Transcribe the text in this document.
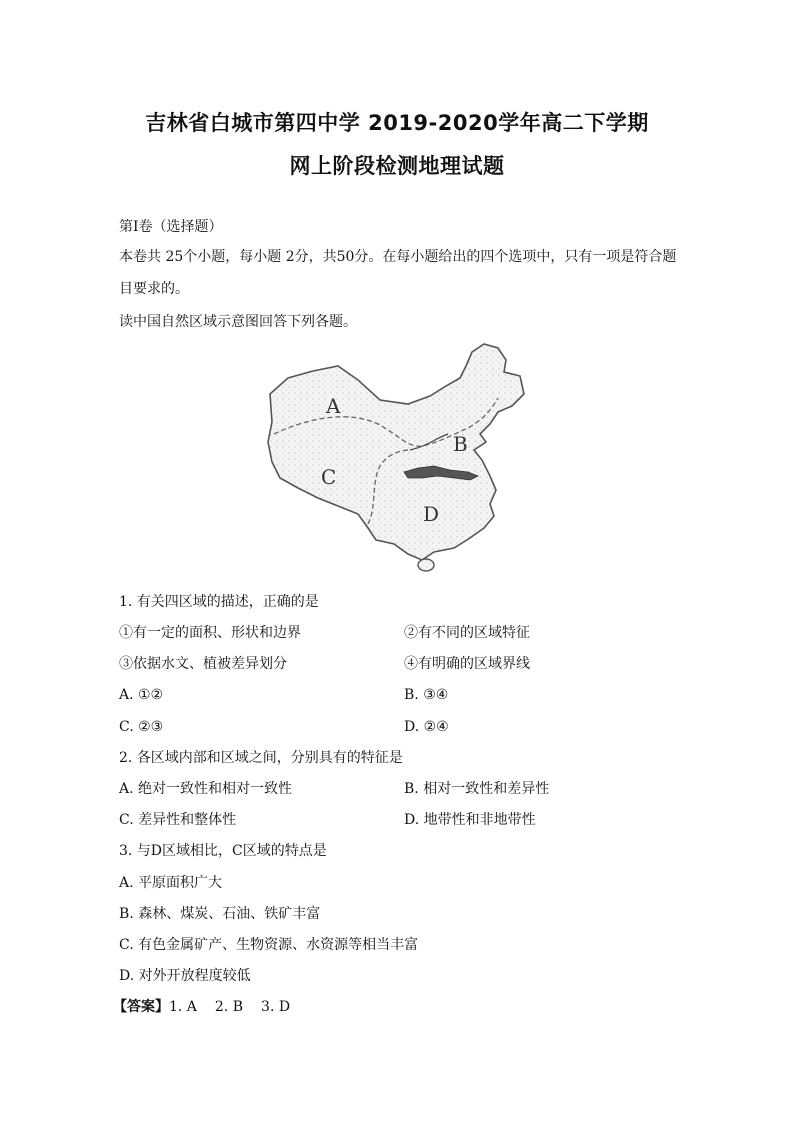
吉林省白城市第四中学 2019-2020学年高二下学期
网上阶段检测地理试题
第Ⅰ卷（选择题）
本卷共 25个小题，每小题 2分，共50分。在每小题给出的四个选项中，只有一项是符合题
目要求的。
读中国自然区域示意图回答下列各题。
A
B
C
D
1. 有关四区域的描述，正确的是
①有一定的面积、形状和边界	②有不同的区域特征
③依据水文、植被差异划分	④有明确的区域界线
A. ①②	B. ③④
C. ②③	D. ②④
2. 各区域内部和区域之间，分别具有的特征是
A. 绝对一致性和相对一致性	B. 相对一致性和差异性
C. 差异性和整体性	D. 地带性和非地带性
3. 与D区域相比，C区域的特点是
A. 平原面积广大
B. 森林、煤炭、石油、铁矿丰富
C. 有色金属矿产、生物资源、水资源等相当丰富
D. 对外开放程度较低
【答案】1. A 2. B 3. D
